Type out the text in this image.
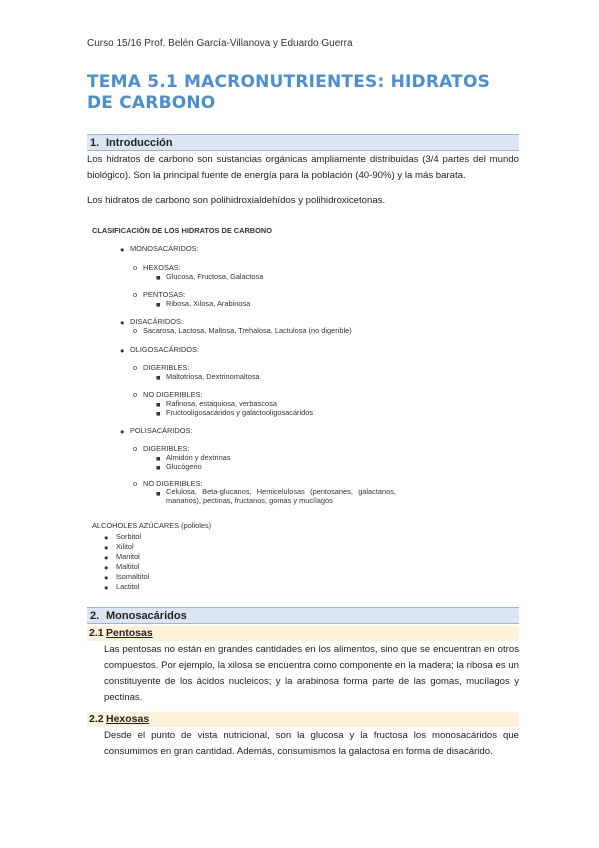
Curso 15/16 Prof. Belén García-Villanova y Eduardo Guerra
TEMA 5.1 MACRONUTRIENTES: HIDRATOS DE CARBONO
1. Introducción
Los hidratos de carbono son sustancias orgánicas ampliamente distribuidas (3/4 partes del mundo biológico). Son la principal fuente de energía para la población (40-90%) y la más barata.
Los hidratos de carbono son polihidroxialdehídos y polihidroxicetonas.
CLASIFICACIÓN DE LOS HIDRATOS DE CARBONO
● MONOSACÁRIDOS:
o HEXOSAS:
■ Glucosa, Fructosa, Galactosa
o PENTOSAS:
■ Ribosa, Xilosa, Arabinosa
● DISACÁRIDOS:
o Sacarosa, Lactosa, Maltosa, Trehalosa, Lactulosa (no digerible)
● OLIGOSACÁRIDOS:
o DIGERIBLES:
■ Maltotriosa, Dextrinomaltosa
o NO DIGERIBLES:
■ Rafinosa, estaquiosa, verbascosa
■ Fructooligosacáridos y galactooligosacáridos
● POLISACÁRIDOS:
o DIGERIBLES:
■ Almidón y dextrinas
■ Glucógeno
o NO DIGERIBLES:
■ Celulosa, Beta-glucanos, Hemicelulosas (pentosanes, galactanos, mananos), pectinas, fructanos, gomas y mucílagos
ALCOHOLES AZÚCARES (polioles)
● Sorbitol
● Xilitol
● Manitol
● Maltitol
● Isomaltitol
● Lactitol
2. Monosacáridos
2.1 Pentosas
Las pentosas no están en grandes cantidades en los alimentos, sino que se encuentran en otros compuestos. Por ejemplo, la xilosa se encuentra como componente en la madera; la ribosa es un constituyente de los ácidos nucleicos; y la arabinosa forma parte de las gomas, mucílagos y pectinas.
2.2 Hexosas
Desde el punto de vista nutricional, son la glucosa y la fructosa los monosacáridos que consumimos en gran cantidad. Además, consumismos la galactosa en forma de disacárido.
